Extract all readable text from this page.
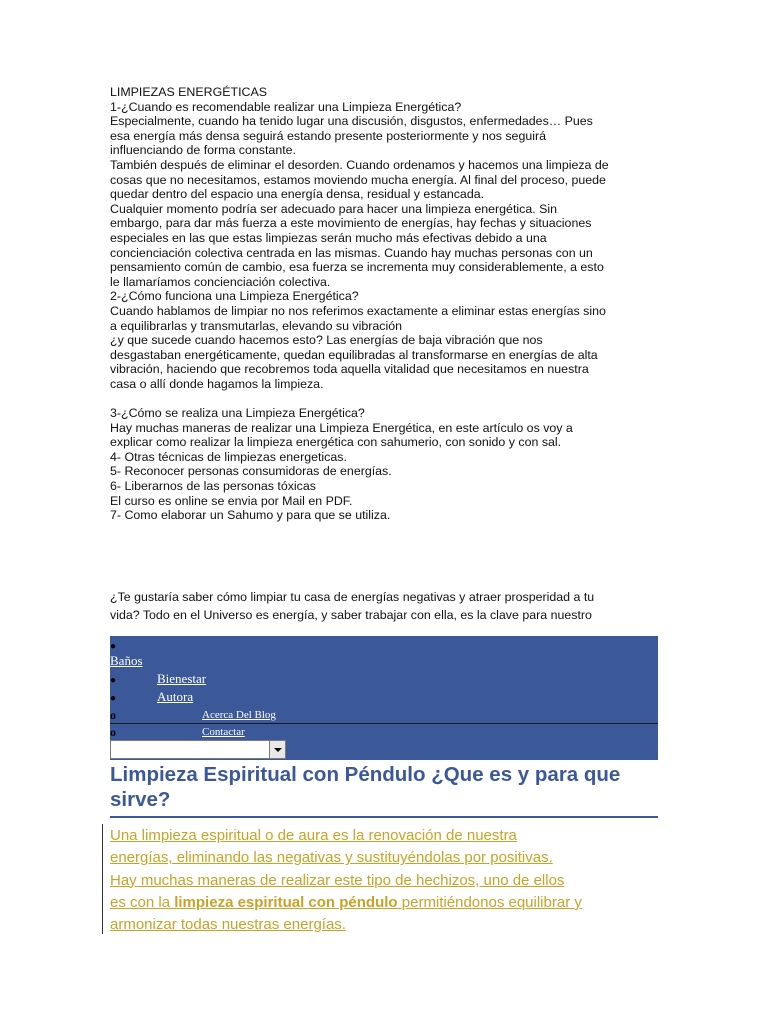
LIMPIEZAS ENERGÉTICAS
1-¿Cuando es recomendable realizar una Limpieza Energética?
Especialmente, cuando ha tenido lugar una discusión, disgustos, enfermedades… Pues
esa energía más densa seguirá estando presente posteriormente y nos seguirá
influenciando de forma constante.
También después de eliminar el desorden. Cuando ordenamos y hacemos una limpieza de
cosas que no necesitamos, estamos moviendo mucha energía. Al final del proceso, puede
quedar dentro del espacio una energía densa, residual y estancada.
Cualquier momento podría ser adecuado para hacer una limpieza energética. Sin
embargo, para dar más fuerza a este movimiento de energías, hay fechas y situaciones
especiales en las que estas limpiezas serán mucho más efectivas debido a una
concienciación colectiva centrada en las mismas. Cuando hay muchas personas con un
pensamiento común de cambio, esa fuerza se incrementa muy considerablemente, a esto
le llamaríamos concienciación colectiva.
2-¿Cómo funciona una Limpieza Energética?
Cuando hablamos de limpiar no nos referimos exactamente a eliminar estas energías sino
a equilibrarlas y transmutarlas, elevando su vibración
¿y que sucede cuando hacemos esto? Las energías de baja vibración que nos
desgastaban energéticamente, quedan equilibradas al transformarse en energías de alta
vibración, haciendo que recobremos toda aquella vitalidad que necesitamos en nuestra
casa o allí donde hagamos la limpieza.
3-¿Cómo se realiza una Limpieza Energética?
Hay muchas maneras de realizar una Limpieza Energética, en este artículo os voy a
explicar como realizar la limpieza energética con sahumerio, con sonido y con sal.
4- Otras técnicas de limpiezas energeticas.
5- Reconocer personas consumidoras de energías.
6- Liberarnos de las personas tóxicas
El curso es online se envia por Mail en PDF.
7- Como elaborar un Sahumo y para que se utiliza.
¿Te gustaría saber cómo limpiar tu casa de energías negativas y atraer prosperidad a tu
vida? Todo en el Universo es energía, y saber trabajar con ella, es la clave para nuestro
●
Baños
●	Bienestar
●	Autora
o	Acerca Del Blog
o	Contactar
Limpieza Espiritual con Péndulo ¿Que es y para que sirve?
Una limpieza espiritual o de aura es la renovación de nuestra
energías, eliminando las negativas y sustituyéndolas por positivas.
Hay muchas maneras de realizar este tipo de hechizos, uno de ellos
es con la limpieza espiritual con péndulo permitiéndonos equilibrar y
armonizar todas nuestras energías.
